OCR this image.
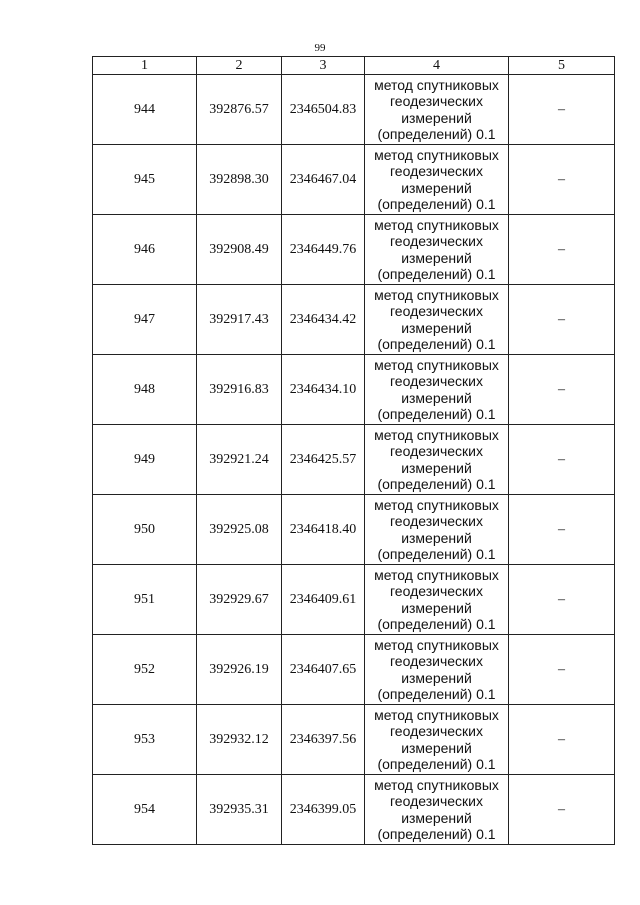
99
1	2	3	4	5
944	392876.57	2346504.83	метод спутниковых
геодезических
измерений
(определений) 0.1	–
945	392898.30	2346467.04	метод спутниковых
геодезических
измерений
(определений) 0.1	–
946	392908.49	2346449.76	метод спутниковых
геодезических
измерений
(определений) 0.1	–
947	392917.43	2346434.42	метод спутниковых
геодезических
измерений
(определений) 0.1	–
948	392916.83	2346434.10	метод спутниковых
геодезических
измерений
(определений) 0.1	–
949	392921.24	2346425.57	метод спутниковых
геодезических
измерений
(определений) 0.1	–
950	392925.08	2346418.40	метод спутниковых
геодезических
измерений
(определений) 0.1	–
951	392929.67	2346409.61	метод спутниковых
геодезических
измерений
(определений) 0.1	–
952	392926.19	2346407.65	метод спутниковых
геодезических
измерений
(определений) 0.1	–
953	392932.12	2346397.56	метод спутниковых
геодезических
измерений
(определений) 0.1	–
954	392935.31	2346399.05	метод спутниковых
геодезических
измерений
(определений) 0.1	–
